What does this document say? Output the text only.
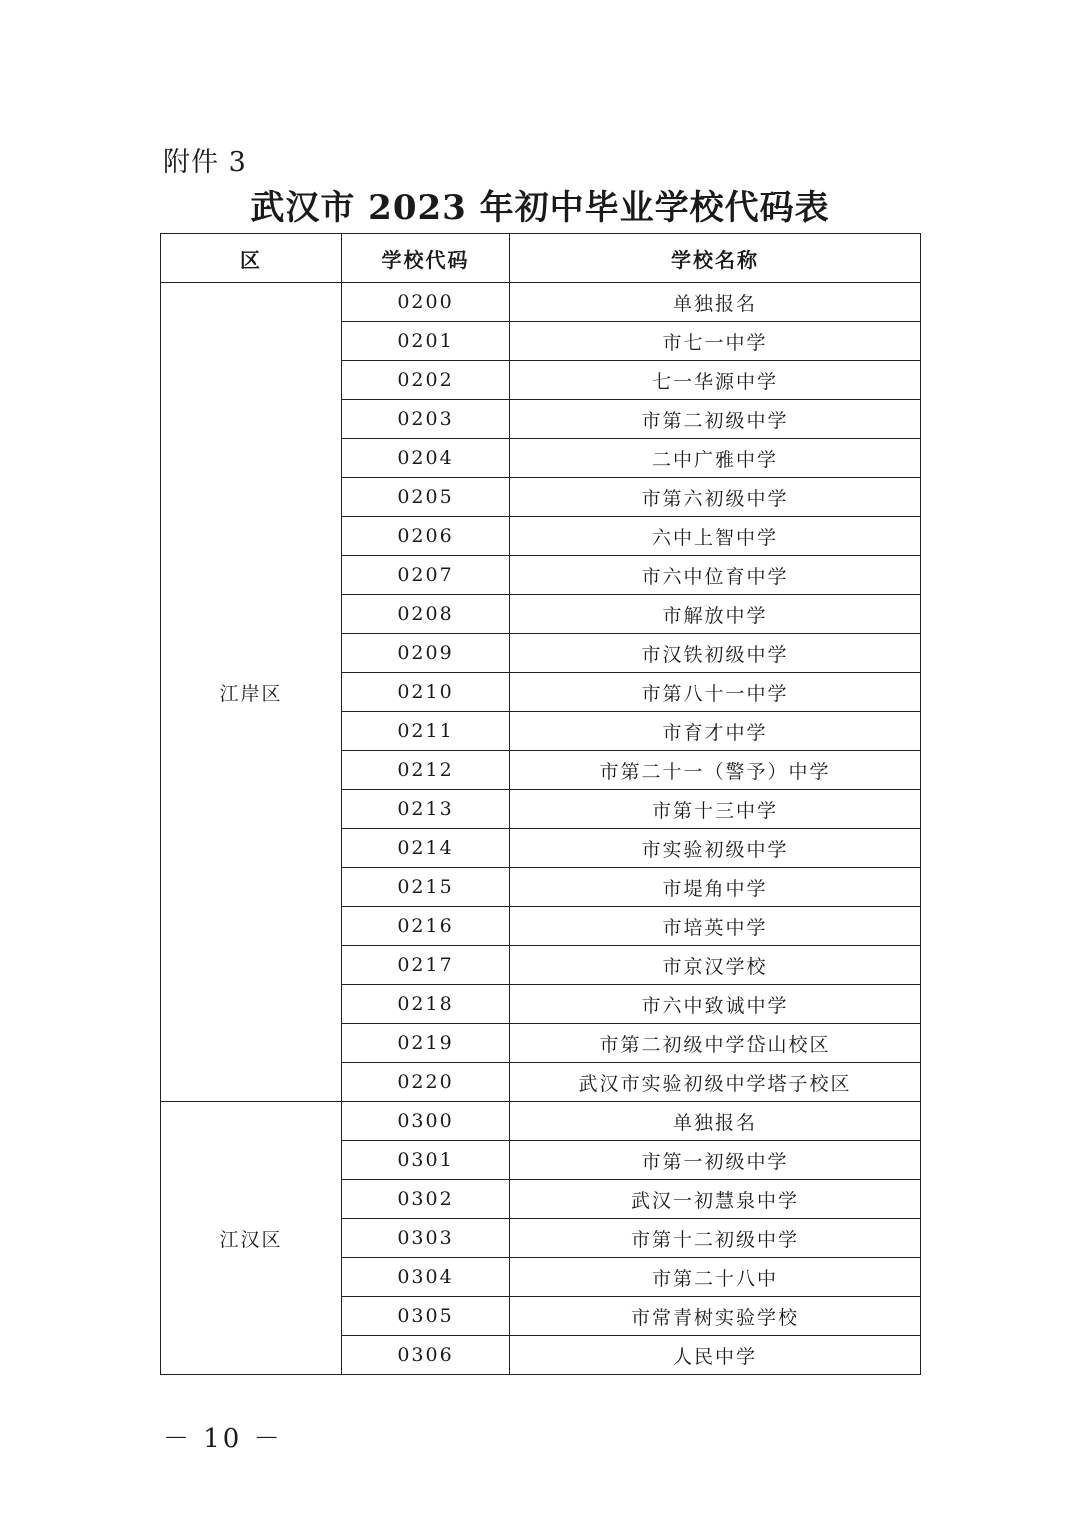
附件 3
武汉市 2023 年初中毕业学校代码表
区	学校代码	学校名称
江岸区	0200	单独报名
	0201	市七一中学
	0202	七一华源中学
	0203	市第二初级中学
	0204	二中广雅中学
	0205	市第六初级中学
	0206	六中上智中学
	0207	市六中位育中学
	0208	市解放中学
	0209	市汉铁初级中学
	0210	市第八十一中学
	0211	市育才中学
	0212	市第二十一（警予）中学
	0213	市第十三中学
	0214	市实验初级中学
	0215	市堤角中学
	0216	市培英中学
	0217	市京汉学校
	0218	市六中致诚中学
	0219	市第二初级中学岱山校区
	0220	武汉市实验初级中学塔子校区
江汉区	0300	单独报名
	0301	市第一初级中学
	0302	武汉一初慧泉中学
	0303	市第十二初级中学
	0304	市第二十八中
	0305	市常青树实验学校
	0306	人民中学
－ 10 －
